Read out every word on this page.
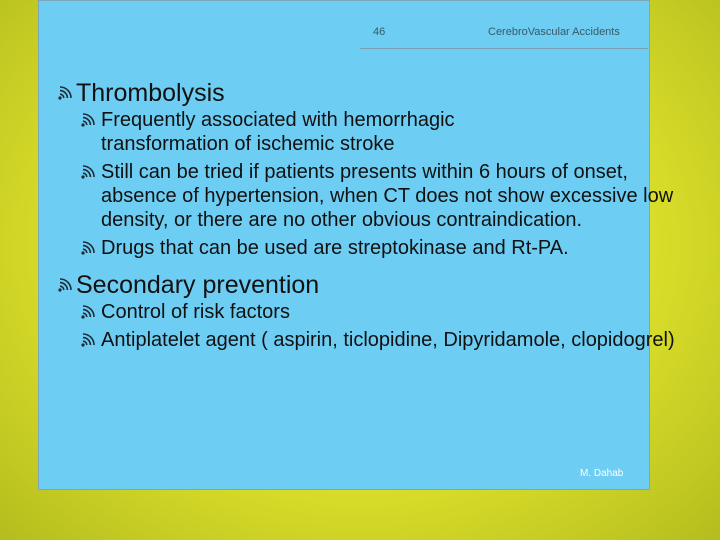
46	CerebroVascular Accidents
Thrombolysis
Frequently associated with hemorrhagic transformation of ischemic stroke
Still can be tried if patients presents within 6 hours of onset, absence of hypertension, when CT does not show excessive low density, or there are no other obvious contraindication.
Drugs that can be used are streptokinase and Rt-PA.
Secondary prevention
Control of risk factors
Antiplatelet agent ( aspirin, ticlopidine, Dipyridamole, clopidogrel)
M. Dahab
